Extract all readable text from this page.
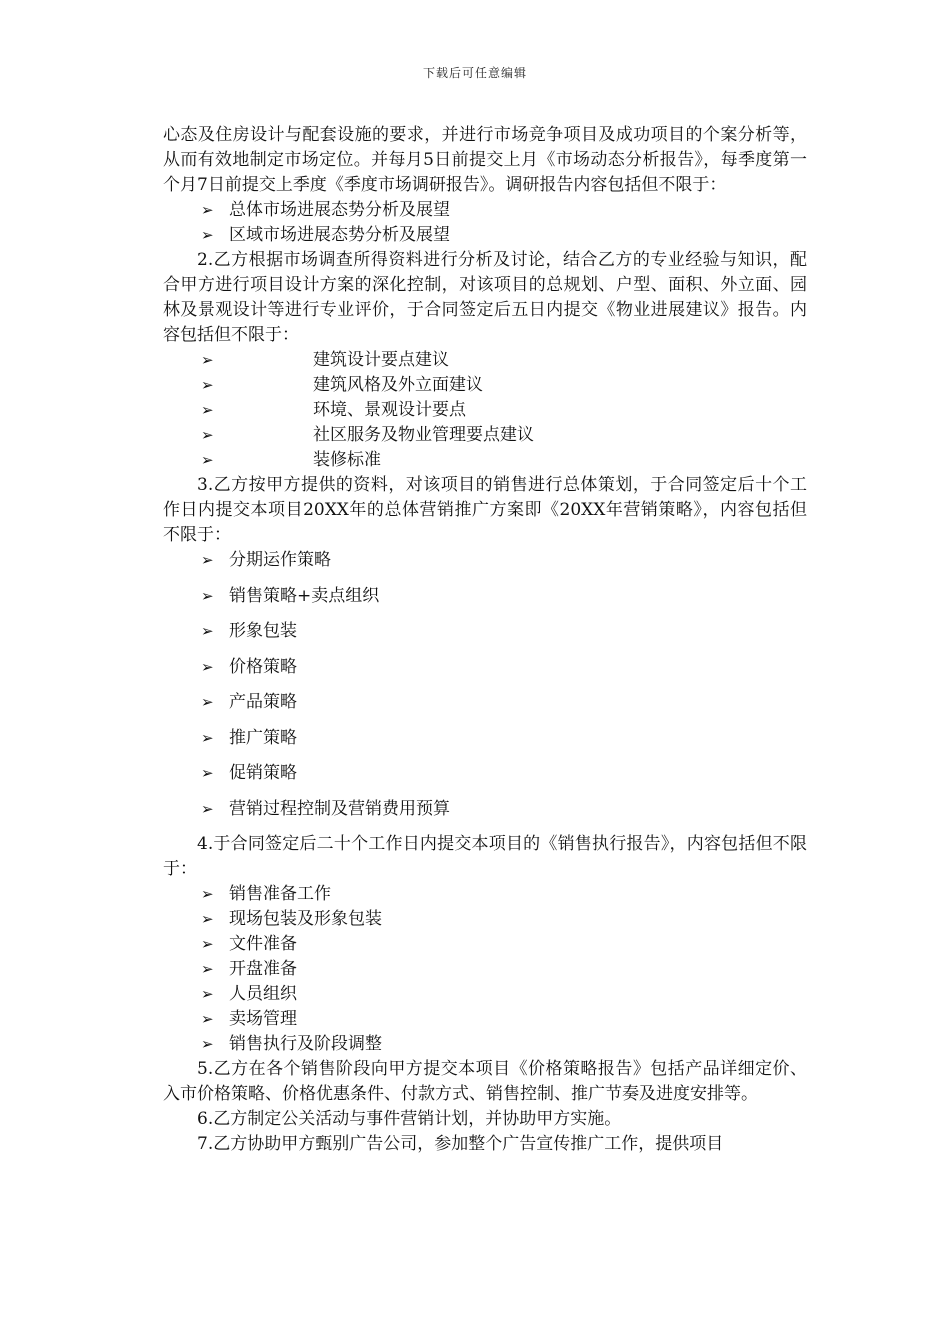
下载后可任意编辑

心态及住房设计与配套设施的要求，并进行市场竞争项目及成功项目的个案分析等，从而有效地制定市场定位。并每月5日前提交上月《市场动态分析报告》，每季度第一个月7日前提交上季度《季度市场调研报告》。调研报告内容包括但不限于：

➢ 总体市场进展态势分析及展望
➢ 区域市场进展态势分析及展望

2.乙方根据市场调查所得资料进行分析及讨论，结合乙方的专业经验与知识，配合甲方进行项目设计方案的深化控制，对该项目的总规划、户型、面积、外立面、园林及景观设计等进行专业评价，于合同签定后五日内提交《物业进展建议》报告。内容包括但不限于：

➢	建筑设计要点建议
➢	建筑风格及外立面建议
➢	环境、景观设计要点
➢	社区服务及物业管理要点建议
➢	装修标准

3.乙方按甲方提供的资料，对该项目的销售进行总体策划，于合同签定后十个工作日内提交本项目20XX年的总体营销推广方案即《20XX年营销策略》，内容包括但不限于：

➢ 分期运作策略
➢ 销售策略+卖点组织
➢ 形象包装
➢ 价格策略
➢ 产品策略
➢ 推广策略
➢ 促销策略
➢ 营销过程控制及营销费用预算

4.于合同签定后二十个工作日内提交本项目的《销售执行报告》，内容包括但不限于：

➢ 销售准备工作
➢ 现场包装及形象包装
➢ 文件准备
➢ 开盘准备
➢ 人员组织
➢ 卖场管理
➢ 销售执行及阶段调整

5.乙方在各个销售阶段向甲方提交本项目《价格策略报告》包括产品详细定价、入市价格策略、价格优惠条件、付款方式、销售控制、推广节奏及进度安排等。

6.乙方制定公关活动与事件营销计划，并协助甲方实施。

7.乙方协助甲方甄别广告公司，参加整个广告宣传推广工作，提供项目
